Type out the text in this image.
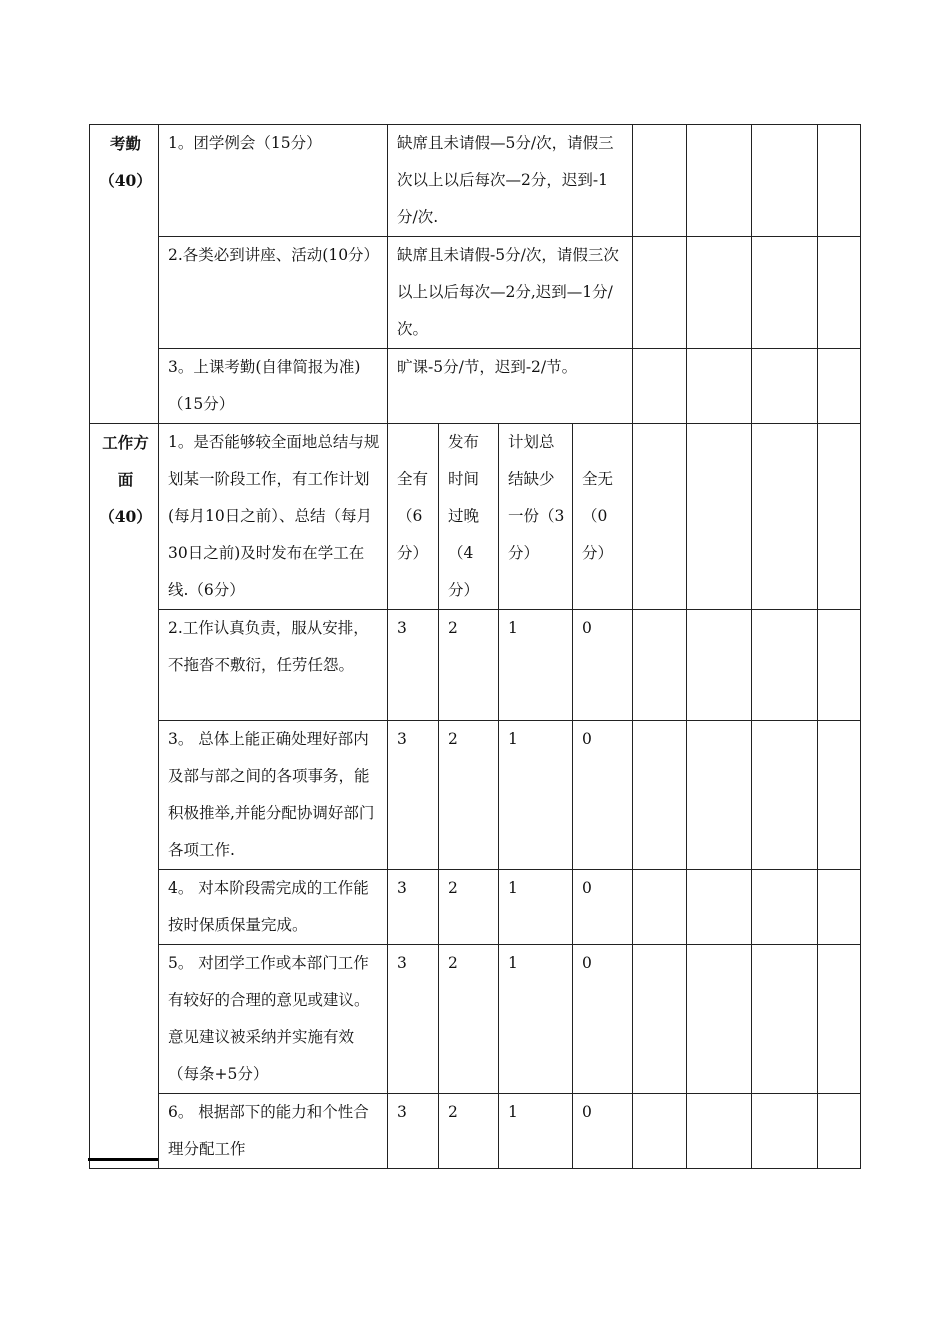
考勤
（40）	1。团学例会（15分）	缺席且未请假—5分/次，请假三次以上以后每次—2分，迟到-1分/次.							
	2.各类必到讲座、活动(10分）	缺席且未请假-5分/次，请假三次以上以后每次—2分,迟到—1分/次。							
	3。上课考勤(自律简报为准)（15分）	旷课-5分/节，迟到-2/节。							

工作方面
（40）	1。是否能够较全面地总结与规划某一阶段工作，有工作计划(每月10日之前）、总结（每月30日之前)及时发布在学工在线.（6分）	全有（6分）	发布时间过晚（4分）	计划总结缺少一份（3分）	全无（0分）				
	2.工作认真负责，服从安排，不拖沓不敷衍，任劳任怨。	3	2	1	0				
	3。 总体上能正确处理好部内及部与部之间的各项事务，能积极推举,并能分配协调好部门各项工作.	3	2	1	0				
	4。 对本阶段需完成的工作能按时保质保量完成。	3	2	1	0				
	5。 对团学工作或本部门工作有较好的合理的意见或建议。意见建议被采纳并实施有效（每条+5分）	3	2	1	0				
	6。 根据部下的能力和个性合理分配工作	3	2	1	0				
